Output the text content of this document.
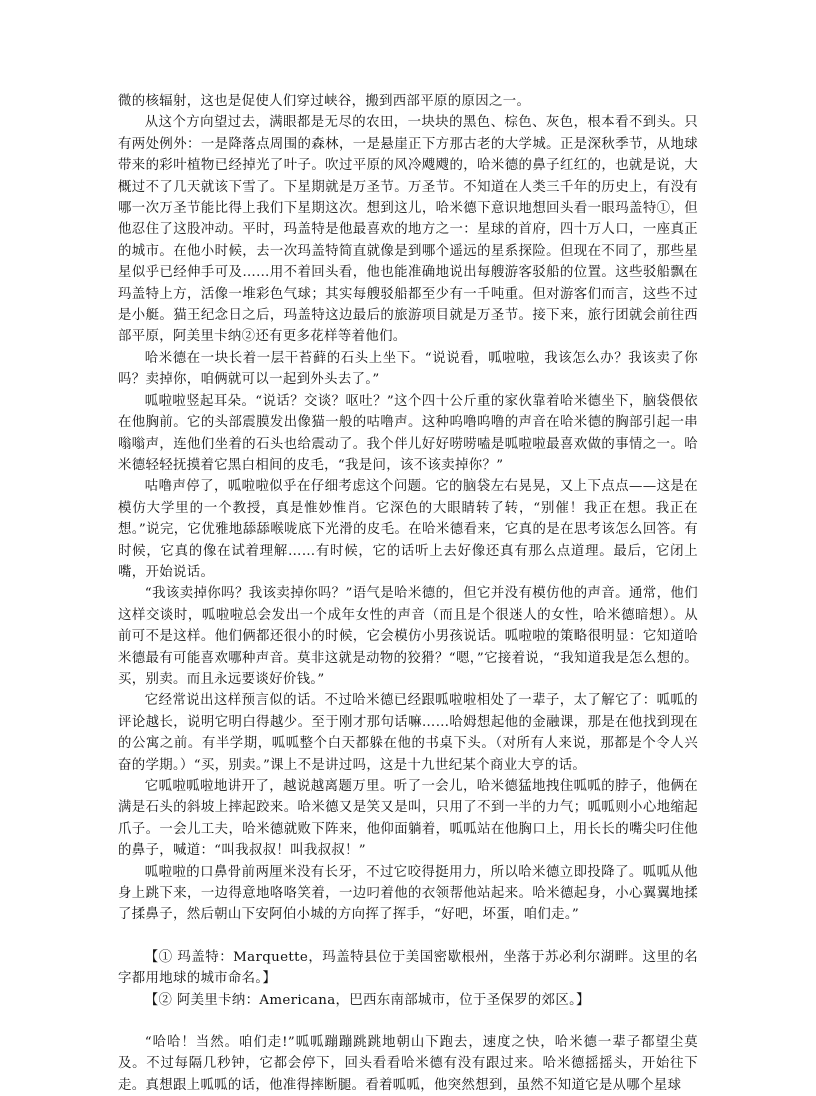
微的核辐射，这也是促使人们穿过峡谷，搬到西部平原的原因之一。

从这个方向望过去，满眼都是无尽的农田，一块块的黑色、棕色、灰色，根本看不到头。只有两处例外：一是降落点周围的森林，一是悬崖正下方那古老的大学城。正是深秋季节，从地球带来的彩叶植物已经掉光了叶子。吹过平原的风冷飕飕的，哈米德的鼻子红红的，也就是说，大概过不了几天就该下雪了。下星期就是万圣节。万圣节。不知道在人类三千年的历史上，有没有哪一次万圣节能比得上我们下星期这次。想到这儿，哈米德下意识地想回头看一眼玛盖特①，但他忍住了这股冲动。平时，玛盖特是他最喜欢的地方之一：星球的首府，四十万人口，一座真正的城市。在他小时候，去一次玛盖特简直就像是到哪个遥远的星系探险。但现在不同了，那些星星似乎已经伸手可及……用不着回头看，他也能准确地说出每艘游客驳船的位置。这些驳船飘在玛盖特上方，活像一堆彩色气球；其实每艘驳船都至少有一千吨重。但对游客们而言，这些不过是小艇。猫王纪念日之后，玛盖特这边最后的旅游项目就是万圣节。接下来，旅行团就会前往西部平原，阿美里卡纳②还有更多花样等着他们。

哈米德在一块长着一层干苔藓的石头上坐下。“说说看，呱啦啦，我该怎么办？我该卖了你吗？卖掉你，咱俩就可以一起到外头去了。”

呱啦啦竖起耳朵。“说话？交谈？呕吐？”这个四十公斤重的家伙靠着哈米德坐下，脑袋偎依在他胸前。它的头部震膜发出像猫一般的咕噜声。这种呜噜呜噜的声音在哈米德的胸部引起一串嗡嗡声，连他们坐着的石头也给震动了。我个伴儿好好唠唠嗑是呱啦啦最喜欢做的事情之一。哈米德轻轻抚摸着它黑白相间的皮毛，“我是问，该不该卖掉你？”

咕噜声停了，呱啦啦似乎在仔细考虑这个问题。它的脑袋左右晃晃，又上下点点——这是在模仿大学里的一个教授，真是惟妙惟肖。它深色的大眼睛转了转，“别催！我正在想。我正在想。”说完，它优雅地舔舔喉咙底下光滑的皮毛。在哈米德看来，它真的是在思考该怎么回答。有时候，它真的像在试着理解……有时候，它的话听上去好像还真有那么点道理。最后，它闭上嘴，开始说话。

“我该卖掉你吗？我该卖掉你吗？”语气是哈米德的，但它并没有模仿他的声音。通常，他们这样交谈时，呱啦啦总会发出一个成年女性的声音（而且是个很迷人的女性，哈米德暗想）。从前可不是这样。他们俩都还很小的时候，它会模仿小男孩说话。呱啦啦的策略很明显：它知道哈米德最有可能喜欢哪种声音。莫非这就是动物的狡猾？“嗯，”它接着说，“我知道我是怎么想的。买，别卖。而且永远要谈好价钱。”

它经常说出这样预言似的话。不过哈米德已经跟呱啦啦相处了一辈子，太了解它了：呱呱的评论越长，说明它明白得越少。至于刚才那句话嘛……哈姆想起他的金融课，那是在他找到现在的公寓之前。有半学期，呱呱整个白天都躲在他的书桌下头。（对所有人来说，那都是个令人兴奋的学期。）“买，别卖。”课上不是讲过吗，这是十九世纪某个商业大亨的话。

它呱啦呱啦地讲开了，越说越离题万里。听了一会儿，哈米德猛地拽住呱呱的脖子，他俩在满是石头的斜坡上摔起跤来。哈米德又是笑又是叫，只用了不到一半的力气；呱呱则小心地缩起爪子。一会儿工夫，哈米德就败下阵来，他仰面躺着，呱呱站在他胸口上，用长长的嘴尖叼住他的鼻子，喊道：“叫我叔叔！叫我叔叔！”

呱啦啦的口鼻骨前两厘米没有长牙，不过它咬得挺用力，所以哈米德立即投降了。呱呱从他身上跳下来，一边得意地咯咯笑着，一边叼着他的衣领帮他站起来。哈米德起身，小心翼翼地揉了揉鼻子，然后朝山下安阿伯小城的方向挥了挥手，“好吧，坏蛋，咱们走。”

【① 玛盖特：Marquette，玛盖特县位于美国密歇根州，坐落于苏必利尔湖畔。这里的名字都用地球的城市命名。】

【② 阿美里卡纳：Americana，巴西东南部城市，位于圣保罗的郊区。】

“哈哈！当然。咱们走!”呱呱蹦蹦跳跳地朝山下跑去，速度之快，哈米德一辈子都望尘莫及。不过每隔几秒钟，它都会停下，回头看看哈米德有没有跟过来。哈米德摇摇头，开始往下走。真想跟上呱呱的话，他准得摔断腿。看着呱呱，他突然想到，虽然不知道它是从哪个星球
